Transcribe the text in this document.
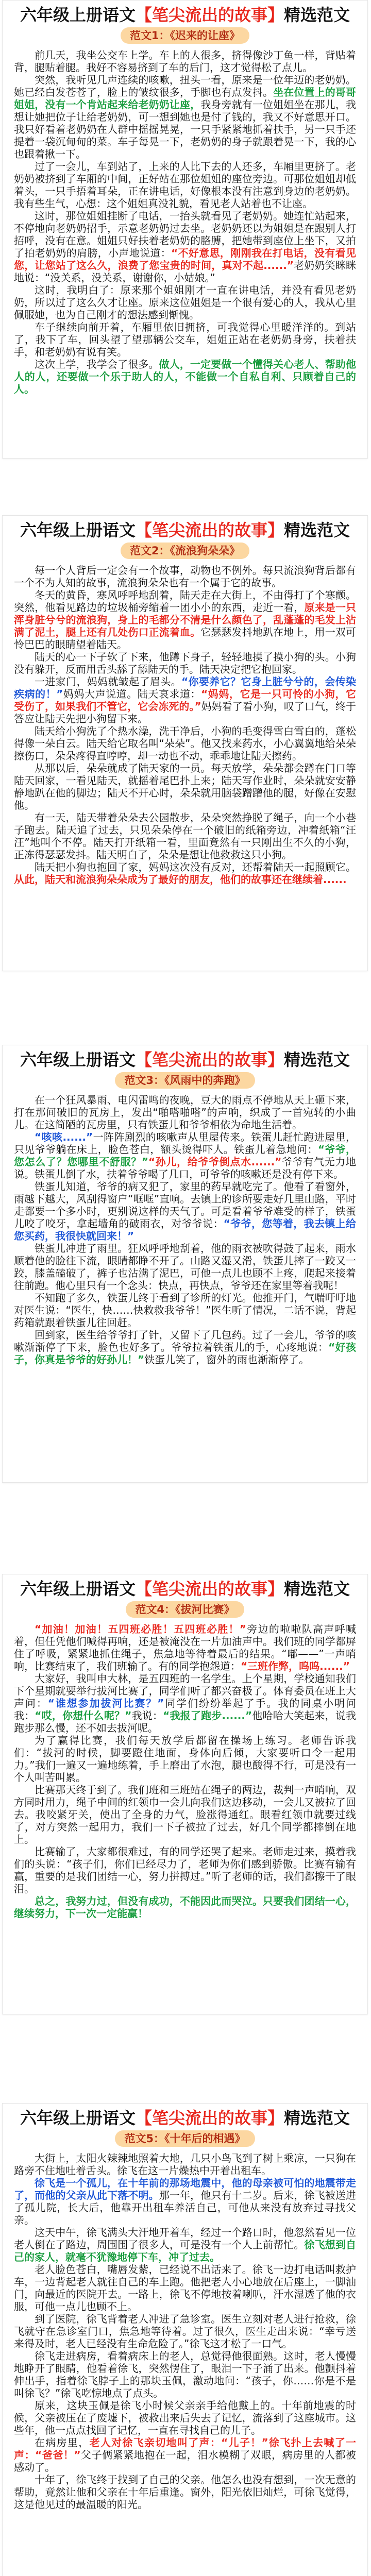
六年级上册语文【笔尖流出的故事】精选范文
范文1：《迟来的让座》

前几天，我坐公交车上学。车上的人很多，挤得像沙丁鱼一样，背贴着背，腿贴着腿。我好不容易挤到了车的后门，这才觉得松了点儿。

突然，我听见几声连续的咳嗽，扭头一看，原来是一位年迈的老奶奶。她已经白发苍苍了，脸上的皱纹很多，手脚也有点发抖。坐在位置上的哥哥姐姐，没有一个肯站起来给老奶奶让座，我身旁就有一位姐姐坐在那儿，我想让她把位子让给老奶奶，可一想到她也是付了钱的，我又不好意思开口。我只好看着老奶奶在人群中摇摇晃晃，一只手紧紧地抓着扶手，另一只手还提着一袋沉甸甸的菜。车子每晃一下，老奶奶的身子就跟着晃一下，我的心也跟着揪一下。

过了一会儿，车到站了，上来的人比下去的人还多，车厢里更挤了。老奶奶被挤到了车厢的中间，正好站在那位姐姐的座位旁边。可那位姐姐却低着头，一只手捂着耳朵，正在讲电话，好像根本没有注意到身边的老奶奶。我有些生气，心想：这个姐姐真没礼貌，看见老人站着也不让座。

这时，那位姐姐挂断了电话，一抬头就看见了老奶奶。她连忙站起来，不停地向老奶奶招手，示意老奶奶过去坐。老奶奶还以为姐姐是在跟别人打招呼，没有在意。姐姐只好扶着老奶奶的胳膊，把她带到座位上坐下，又拍了拍老奶奶的肩膀，小声地说道：“不好意思，刚刚我在打电话，没有看见您，让您站了这么久，浪费了您宝贵的时间，真对不起......”老奶奶笑眯眯地说：“没关系，没关系，谢谢你，小姑娘。”

这时，我明白了：原来那个姐姐刚才一直在讲电话，并没有看见老奶奶，所以过了这么久才让座。原来这位姐姐是一个很有爱心的人，我从心里佩服她，也为自己刚才的想法感到惭愧。

车子继续向前开着，车厢里依旧拥挤，可我觉得心里暖洋洋的。到站了，我下了车，回头望了望那辆公交车，姐姐正站在老奶奶身旁，扶着扶手，和老奶奶有说有笑。

这次上学，我学会了很多。做人，一定要做一个懂得关心老人、帮助他人的人，还要做一个乐于助人的人，不能做一个自私自利、只顾着自己的人。

六年级上册语文【笔尖流出的故事】精选范文
范文2：《流浪狗朵朵》

每一个人背后一定会有一个故事，动物也不例外。每只流浪狗背后都有一个不为人知的故事，流浪狗朵朵也有一个属于它的故事。

冬天的黄昏，寒风呼呼地刮着，陆天走在大街上，不由得打了个寒颤。突然，他看见路边的垃圾桶旁缩着一团小小的东西，走近一看，原来是一只浑身脏兮兮的流浪狗，身上的毛都分不清是什么颜色了，乱蓬蓬的毛发上沾满了泥土，腿上还有几处伤口正流着血。它瑟瑟发抖地趴在地上，用一双可怜巴巴的眼睛望着陆天。

陆天的心一下子软了下来，他蹲下身子，轻轻地摸了摸小狗的头。小狗没有躲开，反而用舌头舔了舔陆天的手。陆天决定把它抱回家。

一进家门，妈妈就皱起了眉头。“你要养它？它身上脏兮兮的，会传染疾病的！”妈妈大声说道。陆天哀求道：“妈妈，它是一只可怜的小狗，它受伤了，如果我们不管它，它会冻死的。”妈妈看了看小狗，叹了口气，终于答应让陆天先把小狗留下来。

陆天给小狗洗了个热水澡，洗干净后，小狗的毛变得雪白雪白的，蓬松得像一朵白云。陆天给它取名叫“朵朵”。他又找来药水，小心翼翼地给朵朵擦伤口，朵朵疼得直哼哼，却一动也不动，乖乖地让陆天擦药。

从那以后，朵朵就成了陆天家的一员。每天放学，朵朵都会蹲在门口等陆天回家，一看见陆天，就摇着尾巴扑上来；陆天写作业时，朵朵就安安静静地趴在他的脚边；陆天不开心时，朵朵就用脑袋蹭蹭他的腿，好像在安慰他。

有一天，陆天带着朵朵去公园散步，朵朵突然挣脱了绳子，向一个小巷子跑去。陆天追了过去，只见朵朵停在一个破旧的纸箱旁边，冲着纸箱“汪汪”地叫个不停。陆天打开纸箱一看，里面竟然有一只刚出生不久的小狗，正冻得瑟瑟发抖。陆天明白了，朵朵是想让他救救这只小狗。

陆天把小狗也抱回了家，妈妈这次没有反对，还帮着陆天一起照顾它。从此，陆天和流浪狗朵朵成为了最好的朋友，他们的故事还在继续着......

六年级上册语文【笔尖流出的故事】精选范文
范文3：《风雨中的奔跑》

在一个狂风暴雨、电闪雷鸣的夜晚，豆大的雨点不停地从天上砸下来，打在那间破旧的瓦房上，发出“啪嗒啪嗒”的声响，织成了一首宛转的小曲儿。在这简陋的瓦房里，只有铁蛋儿和爷爷相依为命地生活着。

“咳咳......”一阵阵剧烈的咳嗽声从里屋传来。铁蛋儿赶忙跑进屋里，只见爷爷躺在床上，脸色苍白，额头烫得吓人。铁蛋儿着急地问：“爷爷，您怎么了？您哪里不舒服？”“孙儿，给爷爷倒点水......”爷爷有气无力地说。铁蛋儿倒了水，扶着爷爷喝了几口，可爷爷的咳嗽还是没有停下来。

铁蛋儿知道，爷爷的病又犯了，家里的药早就吃完了。他看了看窗外，雨越下越大，风刮得窗户“哐哐”直响。去镇上的诊所要走好几里山路，平时走都要一个多小时，更别说这样的天气了。可是看着爷爷难受的样子，铁蛋儿咬了咬牙，拿起墙角的破雨衣，对爷爷说：“爷爷，您等着，我去镇上给您买药，我很快就回来！”

铁蛋儿冲进了雨里。狂风呼呼地刮着，他的雨衣被吹得鼓了起来，雨水顺着他的脸往下流，眼睛都睁不开了。山路又湿又滑，铁蛋儿摔了一跤又一跤，膝盖磕破了，裤子也沾满了泥巴，可他一点儿也顾不上疼，爬起来接着往前跑。他心里只有一个念头：快点，再快点，爷爷还在家里等着我呢！

不知跑了多久，铁蛋儿终于看到了诊所的灯光。他推开门，气喘吁吁地对医生说：“医生，快……快救救我爷爷！”医生听了情况，二话不说，背起药箱就跟着铁蛋儿往回赶。

回到家，医生给爷爷打了针，又留下了几包药。过了一会儿，爷爷的咳嗽渐渐停了下来，脸色也好多了。爷爷拉着铁蛋儿的手，心疼地说：“好孩子，你真是爷爷的好孙儿！”铁蛋儿笑了，窗外的雨也渐渐停了。

六年级上册语文【笔尖流出的故事】精选范文
范文4：《拔河比赛》

“加油！加油！五四班必胜！五四班必胜！”旁边的啦啦队高声呼喊着，但任凭他们喊得再响，还是被淹没在一片加油声中。我们班的同学都屏住了呼吸，紧紧地抓住绳子，焦急地等待着最后的结果。“嘟——”一声哨响，比赛结束了，我们班输了。有的同学抱怨道：“三班作弊，呜呜......”

大家好，我叫申大林，是五四班的一名学生。上个星期，学校通知我们下个星期就要举行拔河比赛了，同学们听了都兴奋极了。体育委员在班上大声问：“谁想参加拔河比赛？”同学们纷纷举起了手。我的同桌小明问我：“哎，你想什么呢？”我说：“我报了跑步......”他哈哈大笑起来，说我跑步那么慢，还不如去拔河呢。

为了赢得比赛，我们每天放学后都留在操场上练习。老师告诉我们：“拔河的时候，脚要蹬住地面，身体向后倾，大家要听口令一起用力。”我们一遍又一遍地练着，手上磨出了水泡，腿也酸得不行，可是没有一个人叫苦叫累。

比赛那天终于到了。我们班和三班站在绳子的两边，裁判一声哨响，双方同时用力，绳子中间的红领巾一会儿向我们这边移动，一会儿又被拉了回去。我咬紧牙关，使出了全身的力气，脸涨得通红。眼看红领巾就要过线了，对方突然一起用力，我们一下子被拉了过去，好几个同学都摔倒在地上。

比赛输了，大家都很难过，有的同学还哭了起来。老师走过来，摸着我们的头说：“孩子们，你们已经尽力了，老师为你们感到骄傲。比赛有输有赢，重要的是我们团结一心，努力拼搏过。”听了老师的话，我们都擦干了眼泪。

总之，我努力过，但没有成功，不能因此而哭泣。只要我们团结一心，继续努力，下一次一定能赢！

六年级上册语文【笔尖流出的故事】精选范文
范文5：《十年后的相遇》

大街上，太阳火辣辣地照着大地，几只小鸟飞到了树上乘凉，一只狗在路旁不住地吐着舌头。徐飞在这一片燥热中开着出租车。

徐飞是一个孤儿，在十年前的那场地震中，他的母亲被可怕的地震带走了，而他的父亲从此下落不明。那一年，他只有十二岁。后来，徐飞被送进了孤儿院，长大后，他靠开出租车养活自己，可他从来没有放弃过寻找父亲。

这天中午，徐飞满头大汗地开着车，经过一个路口时，他忽然看见一位老人倒在了路边，周围围了很多人，可是没有一个人上前帮忙。徐飞想到自己的家人，就毫不犹豫地停下车，冲了过去。

老人脸色苍白，嘴唇发紫，已经说不出话来了。徐飞一边打电话叫救护车，一边背起老人就往自己的车上跑。他把老人小心地放在后座上，一脚油门，向最近的医院开去。一路上，徐飞不停地按着喇叭，汗水湿透了他的衣服，可他一点儿也顾不上。

到了医院，徐飞背着老人冲进了急诊室。医生立刻对老人进行抢救，徐飞就守在急诊室门口，焦急地等待着。过了很久，医生走出来说：“幸亏送来得及时，老人已经没有生命危险了。”徐飞这才松了一口气。

徐飞走进病房，看着病床上的老人，总觉得他很面熟。这时，老人慢慢地睁开了眼睛，他看着徐飞，突然愣住了，眼泪一下子涌了出来。他颤抖着伸出手，指着徐飞脖子上的那块玉佩，激动地问：“孩子，你……你是不是叫徐飞？”徐飞吃惊地点了点头。

原来，这块玉佩是徐飞小时候父亲亲手给他戴上的。十年前地震的时候，父亲被压在了废墟下，被救出来后失去了记忆，流落到了这座城市。这些年，他一点点找回了记忆，一直在寻找自己的儿子。

在病房里，老人对徐飞亲切地叫了声：“儿子！”徐飞扑上去喊了一声：“爸爸！”父子俩紧紧地抱在一起，泪水模糊了双眼，病房里的人都被感动了。

十年了，徐飞终于找到了自己的父亲。他怎么也没有想到，一次无意的帮助，竟然让他和父亲在十年后重逢。窗外，阳光依旧灿烂，可徐飞觉得，这是他见过的最温暖的阳光。
